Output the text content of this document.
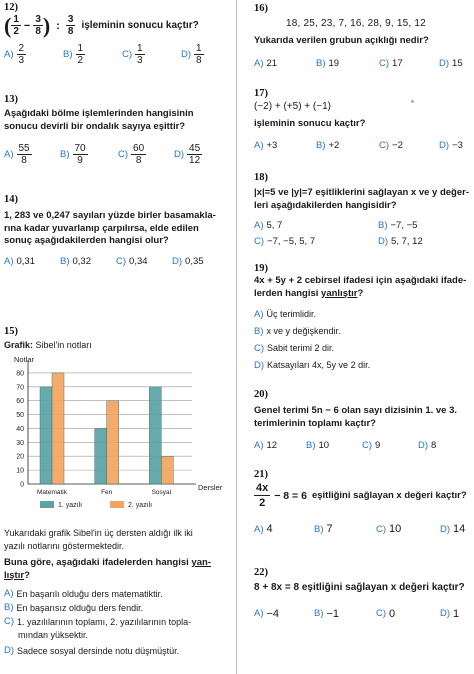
12)
( $\frac{1}{2} - \frac{3}{8}$ ) : $\frac{3}{8}$ işleminin sonucu kaçtır?
$A) \frac{2}{3}$	$B) \frac{1}{2}$	$C) \frac{1}{3}$	$D) \frac{1}{8}$
13)
Aşağıdaki bölme işlemlerinden hangisinin
sonucu devirli bir ondalık sayıya eşittir?
$A) \frac{55}{8}$	$B) \frac{70}{9}$	$C) \frac{60}{8}$	$D) \frac{45}{12}$
14)
1, 283 ve 0,247 sayıları yüzde birler basamakla-
rına kadar yuvarlanıp çarpılırsa, elde edilen
sonuç aşağıdakilerden hangisi olur?
A) 0,31	B) 0,32	C) 0,34	D) 0,35
15)
Grafik: Sibel'in notları
Notlar
0
10
20
30
40
50
60
70
80
Dersler
Matematik	Fen	Sosyal
1. yazılı	2. yazılı
Yukarıdaki grafik Sibel'in üç dersten aldığı ilk iki
yazılı notlarını göstermektedir.
Buna göre, aşağıdaki ifadelerden hangisi yan-
lıştır?
A) En başarılı olduğu ders matematiktir.
B) En başarısız olduğu ders fendir.
C) 1. yazılılarının toplamı, 2. yazılılarının topla-
mından yüksektir.
D) Sadece sosyal dersinde notu düşmüştür.
16)
18, 25, 23, 7, 16, 28, 9, 15, 12
Yukarıda verilen grubun açıklığı nedir?
A) 21	B) 19	C) 17	D) 15
17)
(−2) + (+5) + (−1)
işleminin sonucu kaçtır?
A) +3	B) +2	C) −2	D) −3
18)
|x|=5 ve |y|=7 eşitliklerini sağlayan x ve y değer-
leri aşağıdakilerden hangisidir?
A) 5, 7	B) −7, −5
C) −7, −5, 5, 7	D) 5, 7, 12
19)
4x + 5y + 2 cebirsel ifadesi için aşağıdaki ifade-
lerden hangisi yanlıştır?
A) Üç terimlidir.
B) x ve y değişkendir.
C) Sabit terimi 2 dir.
D) Katsayıları 4x, 5y ve 2 dir.
20)
Genel terimi 5n − 6 olan sayı dizisinin 1. ve 3.
terimlerinin toplamı kaçtır?
A) 12	B) 10	C) 9	D) 8
21)
$\frac{4x}{2} - 8 = 6$ eşitliğini sağlayan x değeri kaçtır?
A) 4	B) 7	C) 10	D) 14
22)
8 + 8x = 8 eşitliğini sağlayan x değeri kaçtır?
A) −4	B) −1	C) 0	D) 1
